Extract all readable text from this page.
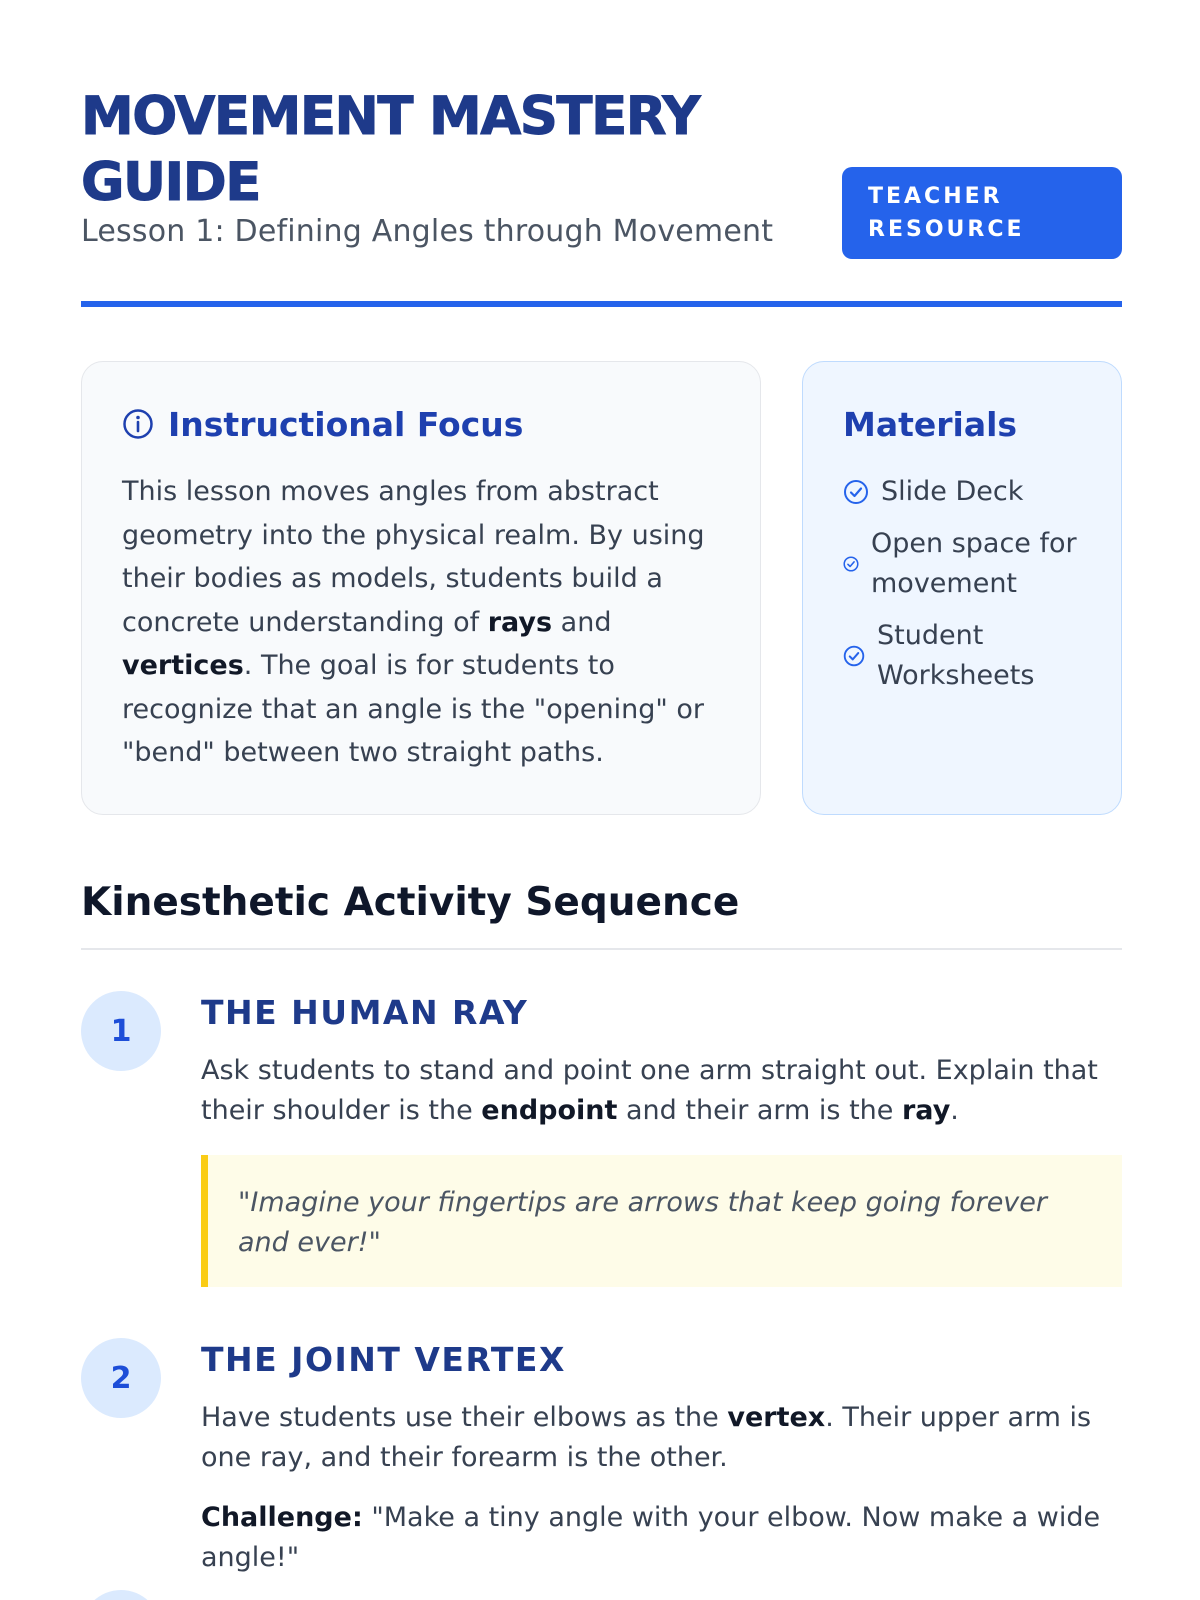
MOVEMENT MASTERY GUIDE
Lesson 1: Defining Angles through Movement
TEACHER RESOURCE
Instructional Focus

This lesson moves angles from abstract geometry into the physical realm. By using their bodies as models, students build a concrete understanding of rays and vertices. The goal is for students to recognize that an angle is the "opening" or "bend" between two straight paths.

Materials
Slide Deck
Open space for movement
Student Worksheets
Kinesthetic Activity Sequence
1	THE HUMAN RAY

Ask students to stand and point one arm straight out. Explain that their shoulder is the endpoint and their arm is the ray.

"Imagine your fingertips are arrows that keep going forever and ever!"
2	THE JOINT VERTEX

Have students use their elbows as the vertex. Their upper arm is one ray, and their forearm is the other.

Challenge: "Make a tiny angle with your elbow. Now make a wide angle!"
